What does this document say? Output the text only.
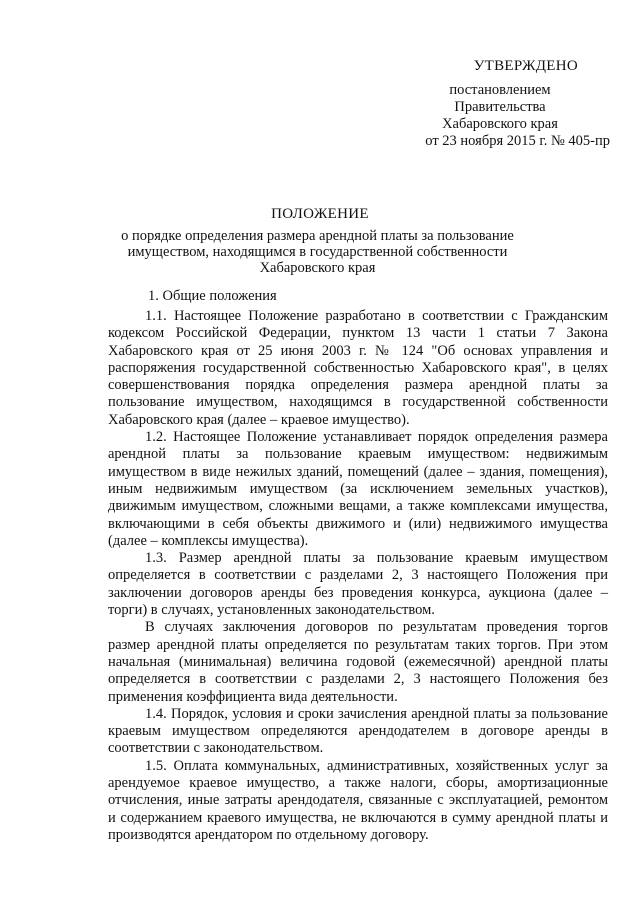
УТВЕРЖДЕНО
постановлением
Правительства
Хабаровского края
от 23 ноября 2015 г. № 405-пр
ПОЛОЖЕНИЕ
о порядке определения размера арендной платы за пользование имуществом, находящимся в государственной собственности Хабаровского края
1. Общие положения

1.1. Настоящее Положение разработано в соответствии с Гражданским кодексом Российской Федерации, пунктом 13 части 1 статьи 7 Закона Хабаровского края от 25 июня 2003 г. № 124 "Об основах управления и распоряжения государственной собственностью Хабаровского края", в целях совершенствования порядка определения размера арендной платы за пользование имуществом, находящимся в государственной собственности Хабаровского края (далее – краевое имущество).

1.2. Настоящее Положение устанавливает порядок определения размера арендной платы за пользование краевым имуществом: недвижимым имуществом в виде нежилых зданий, помещений (далее – здания, помещения), иным недвижимым имуществом (за исключением земельных участков), движимым имуществом, сложными вещами, а также комплексами имущества, включающими в себя объекты движимого и (или) недвижимого имущества (далее – комплексы имущества).

1.3. Размер арендной платы за пользование краевым имуществом определяется в соответствии с разделами 2, 3 настоящего Положения при заключении договоров аренды без проведения конкурса, аукциона (далее – торги) в случаях, установленных законодательством.

В случаях заключения договоров по результатам проведения торгов размер арендной платы определяется по результатам таких торгов. При этом начальная (минимальная) величина годовой (ежемесячной) арендной платы определяется в соответствии с разделами 2, 3 настоящего Положения без применения коэффициента вида деятельности.

1.4. Порядок, условия и сроки зачисления арендной платы за пользование краевым имуществом определяются арендодателем в договоре аренды в соответствии с законодательством.

1.5. Оплата коммунальных, административных, хозяйственных услуг за арендуемое краевое имущество, а также налоги, сборы, амортизационные отчисления, иные затраты арендодателя, связанные с эксплуатацией, ремонтом и содержанием краевого имущества, не включаются в сумму арендной платы и производятся арендатором по отдельному договору.
